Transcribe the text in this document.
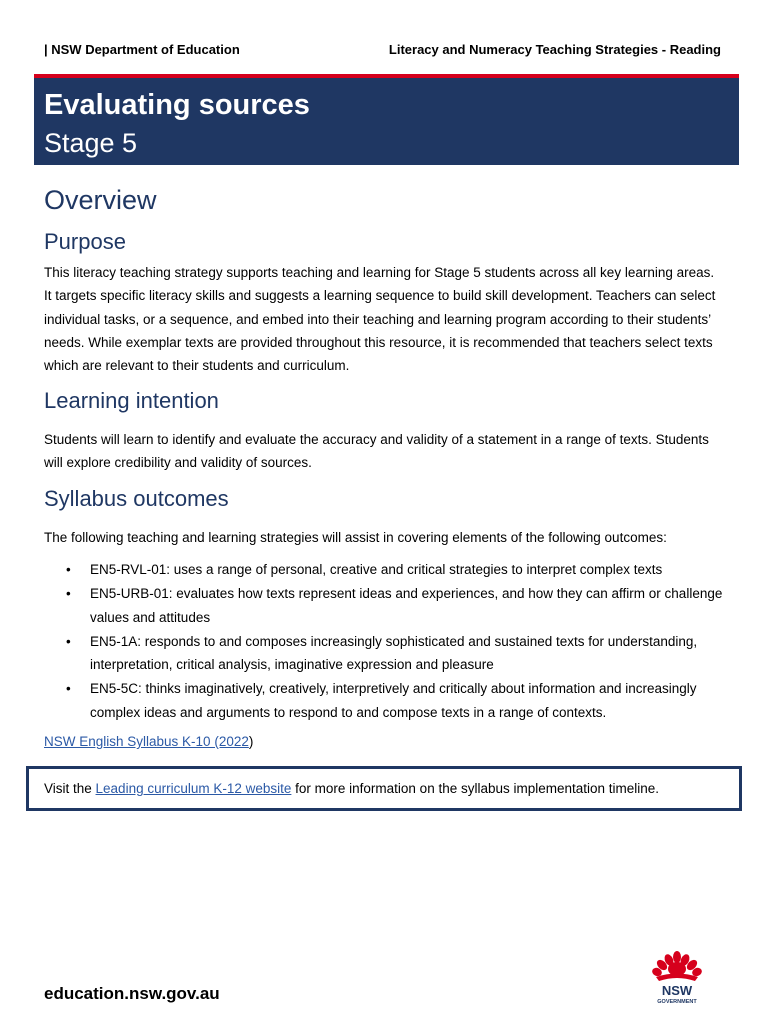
| NSW Department of Education	Literacy and Numeracy Teaching Strategies - Reading
Evaluating sources
Stage 5
Overview
Purpose
This literacy teaching strategy supports teaching and learning for Stage 5 students across all key learning areas. It targets specific literacy skills and suggests a learning sequence to build skill development. Teachers can select individual tasks, or a sequence, and embed into their teaching and learning program according to their students’ needs. While exemplar texts are provided throughout this resource, it is recommended that teachers select texts which are relevant to their students and curriculum.
Learning intention
Students will learn to identify and evaluate the accuracy and validity of a statement in a range of texts. Students will explore credibility and validity of sources.
Syllabus outcomes
The following teaching and learning strategies will assist in covering elements of the following outcomes:
• EN5-RVL-01: uses a range of personal, creative and critical strategies to interpret complex texts
• EN5-URB-01: evaluates how texts represent ideas and experiences, and how they can affirm or challenge values and attitudes
• EN5-1A: responds to and composes increasingly sophisticated and sustained texts for understanding, interpretation, critical analysis, imaginative expression and pleasure
• EN5-5C: thinks imaginatively, creatively, interpretively and critically about information and increasingly complex ideas and arguments to respond to and compose texts in a range of contexts.
NSW English Syllabus K-10 (2022)
Visit the Leading curriculum K-12 website for more information on the syllabus implementation timeline.
education.nsw.gov.au	NSW
GOVERNMENT
